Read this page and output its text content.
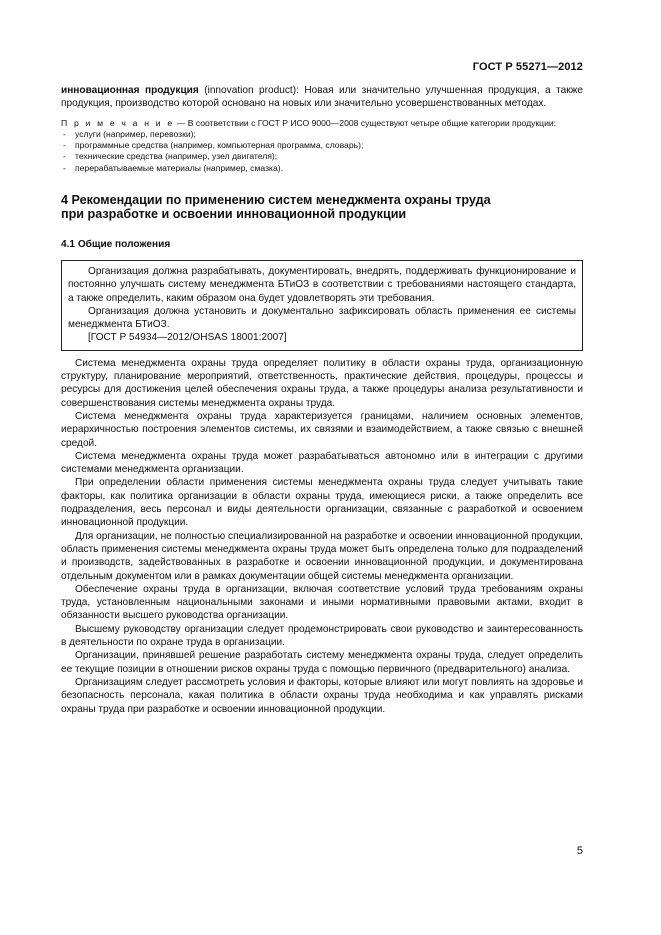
ГОСТ Р 55271—2012

инновационная продукция (innovation product): Новая или значительно улучшенная продукция, а также продукция, производство которой основано на новых или значительно усовершенствованных методах.

П р и м е ч а н и е — В соответствии с ГОСТ Р ИСО 9000—2008 существуют четыре общие категории продукции:

- услуги (например, перевозки);
- программные средства (например, компьютерная программа, словарь);
- технические средства (например, узел двигателя);
- перерабатываемые материалы (например, смазка).
4 Рекомендации по применению систем менеджмента охраны труда
при разработке и освоении инновационной продукции
4.1 Общие положения

Организация должна разрабатывать, документировать, внедрять, поддерживать функционирование и постоянно улучшать систему менеджмента БТиОЗ в соответствии с требованиями настоящего стандарта, а также определить, каким образом она будет удовлетворять эти требования.

Организация должна установить и документально зафиксировать область применения ее системы менеджмента БТиОЗ.

[ГОСТ Р 54934—2012/OHSAS 18001:2007]

Система менеджмента охраны труда определяет политику в области охраны труда, организационную структуру, планирование мероприятий, ответственность, практические действия, процедуры, процессы и ресурсы для достижения целей обеспечения охраны труда, а также процедуры анализа результативности и совершенствования системы менеджмента охраны труда.

Система менеджмента охраны труда характеризуется границами, наличием основных элементов, иерархичностью построения элементов системы, их связями и взаимодействием, а также связью с внешней средой.

Система менеджмента охраны труда может разрабатываться автономно или в интеграции с другими системами менеджмента организации.

При определении области применения системы менеджмента охраны труда следует учитывать такие факторы, как политика организации в области охраны труда, имеющиеся риски, а также определить все подразделения, весь персонал и виды деятельности организации, связанные с разработкой и освоением инновационной продукции.

Для организации, не полностью специализированной на разработке и освоении инновационной продукции, область применения системы менеджмента охраны труда может быть определена только для подразделений и производств, задействованных в разработке и освоении инновационной продукции, и документирована отдельным документом или в рамках документации общей системы менеджмента организации.

Обеспечение охраны труда в организации, включая соответствие условий труда требованиям охраны труда, установленным национальными законами и иными нормативными правовыми актами, входит в обязанности высшего руководства организации.

Высшему руководству организации следует продемонстрировать свои руководство и заинтересованность в деятельности по охране труда в организации.

Организации, принявшей решение разработать систему менеджмента охраны труда, следует определить ее текущие позиции в отношении рисков охраны труда с помощью первичного (предварительного) анализа.

Организациям следует рассмотреть условия и факторы, которые влияют или могут повлиять на здоровье и безопасность персонала, какая политика в области охраны труда необходима и как управлять рисками охраны труда при разработке и освоении инновационной продукции.

5
